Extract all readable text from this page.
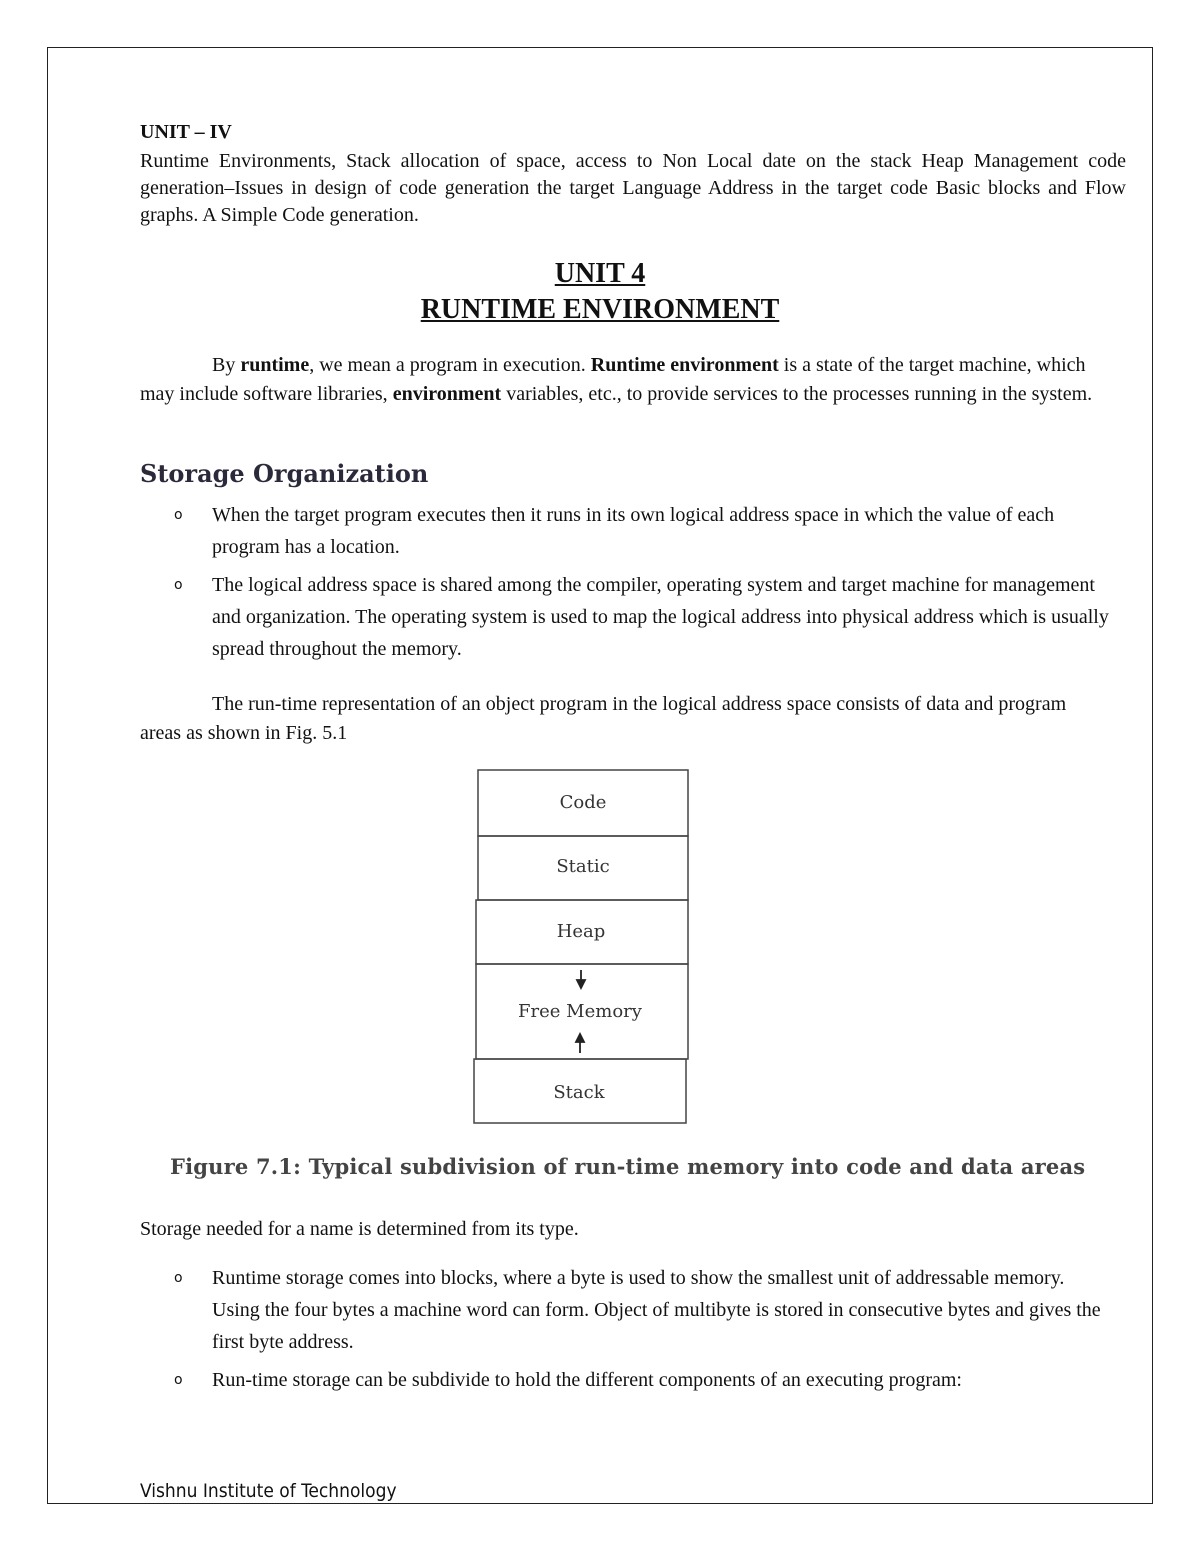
UNIT – IV
Runtime Environments, Stack allocation of space, access to Non Local date on the stack Heap Management code generation–Issues in design of code generation the target Language Address in the target code Basic blocks and Flow graphs. A Simple Code generation.
UNIT 4
RUNTIME ENVIRONMENT
By runtime, we mean a program in execution. Runtime environment is a state of the target machine, which may include software libraries, environment variables, etc., to provide services to the processes running in the system.
Storage Organization
o When the target program executes then it runs in its own logical address space in which the value of each program has a location.
o The logical address space is shared among the compiler, operating system and target machine for management and organization. The operating system is used to map the logical address into physical address which is usually spread throughout the memory.
The run-time representation of an object program in the logical address space consists of data and program areas as shown in Fig. 5.1
Code
Static
Heap
Free Memory
Stack
Figure 7.1: Typical subdivision of run-time memory into code and data areas
Storage needed for a name is determined from its type.
o Runtime storage comes into blocks, where a byte is used to show the smallest unit of addressable memory. Using the four bytes a machine word can form. Object of multibyte is stored in consecutive bytes and gives the first byte address.
o Run-time storage can be subdivide to hold the different components of an executing program:
Vishnu Institute of Technology
